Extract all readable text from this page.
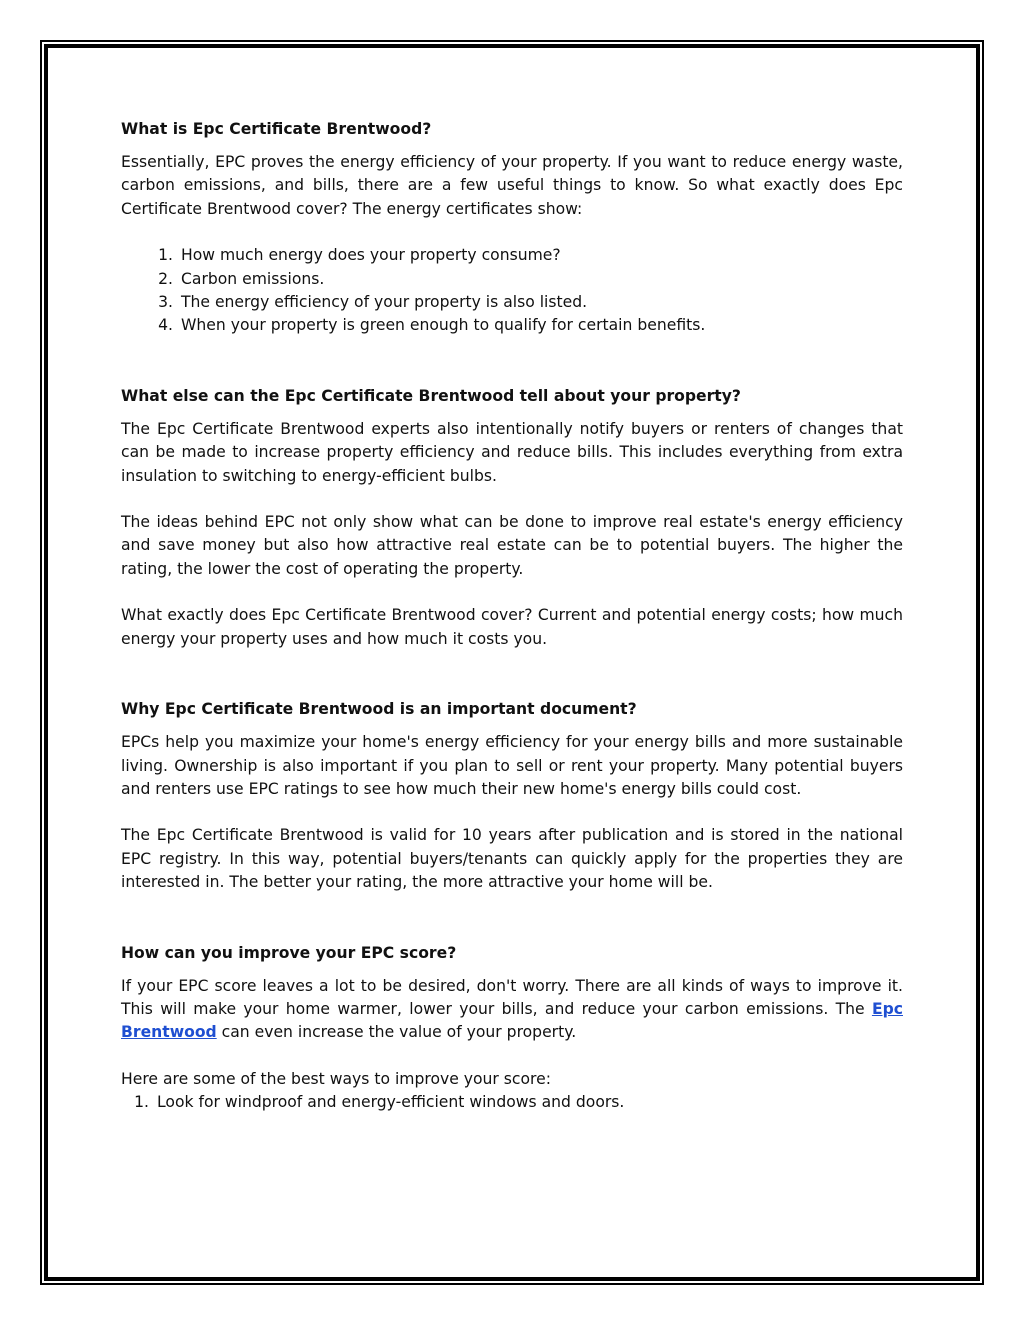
What is Epc Certificate Brentwood?

Essentially, EPC proves the energy efficiency of your property. If you want to reduce energy waste, carbon emissions, and bills, there are a few useful things to know. So what exactly does Epc Certificate Brentwood cover? The energy certificates show:

1. How much energy does your property consume?
2. Carbon emissions.
3. The energy efficiency of your property is also listed.
4. When your property is green enough to qualify for certain benefits.
What else can the Epc Certificate Brentwood tell about your property?

The Epc Certificate Brentwood experts also intentionally notify buyers or renters of changes that can be made to increase property efficiency and reduce bills. This includes everything from extra insulation to switching to energy-efficient bulbs.

The ideas behind EPC not only show what can be done to improve real estate's energy efficiency and save money but also how attractive real estate can be to potential buyers. The higher the rating, the lower the cost of operating the property.

What exactly does Epc Certificate Brentwood cover? Current and potential energy costs; how much energy your property uses and how much it costs you.

Why Epc Certificate Brentwood is an important document?

EPCs help you maximize your home's energy efficiency for your energy bills and more sustainable living. Ownership is also important if you plan to sell or rent your property. Many potential buyers and renters use EPC ratings to see how much their new home's energy bills could cost.

The Epc Certificate Brentwood is valid for 10 years after publication and is stored in the national EPC registry. In this way, potential buyers/tenants can quickly apply for the properties they are interested in. The better your rating, the more attractive your home will be.

How can you improve your EPC score?

If your EPC score leaves a lot to be desired, don't worry. There are all kinds of ways to improve it. This will make your home warmer, lower your bills, and reduce your carbon emissions. The Epc Brentwood can even increase the value of your property.

Here are some of the best ways to improve your score:

1. Look for windproof and energy-efficient windows and doors.
